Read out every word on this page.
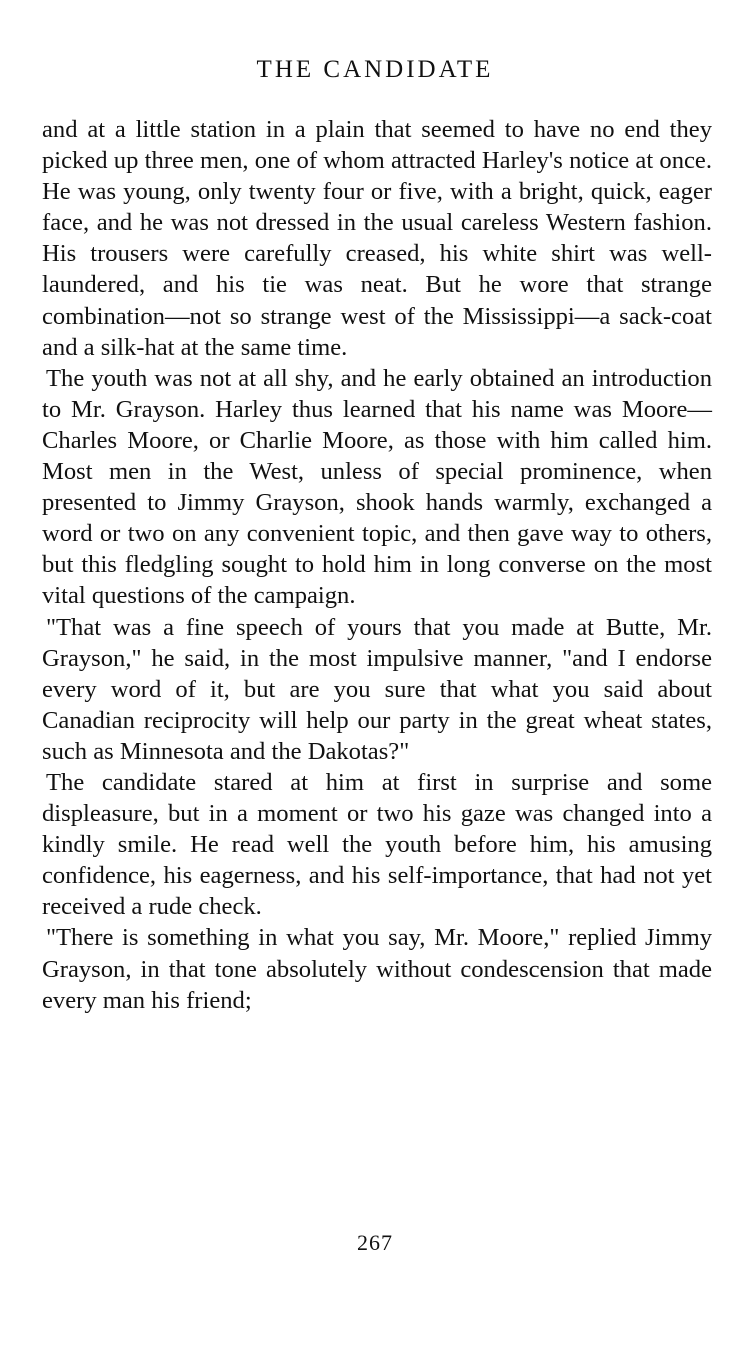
THE CANDIDATE

and at a little station in a plain that seemed to have no end they picked up three men, one of whom attracted Harley's notice at once. He was young, only twenty four or five, with a bright, quick, eager face, and he was not dressed in the usual careless Western fashion. His trousers were carefully creased, his white shirt was well-laundered, and his tie was neat. But he wore that strange combination—not so strange west of the Mississippi—a sack-coat and a silk-hat at the same time.

The youth was not at all shy, and he early obtained an introduction to Mr. Grayson. Harley thus learned that his name was Moore—Charles Moore, or Charlie Moore, as those with him called him. Most men in the West, unless of special prominence, when presented to Jimmy Grayson, shook hands warmly, exchanged a word or two on any convenient topic, and then gave way to others, but this fledgling sought to hold him in long converse on the most vital questions of the campaign.

"That was a fine speech of yours that you made at Butte, Mr. Grayson," he said, in the most impulsive manner, "and I endorse every word of it, but are you sure that what you said about Canadian reciprocity will help our party in the great wheat states, such as Minnesota and the Dakotas?"

The candidate stared at him at first in surprise and some displeasure, but in a moment or two his gaze was changed into a kindly smile. He read well the youth before him, his amusing confidence, his eagerness, and his self-importance, that had not yet received a rude check.

"There is something in what you say, Mr. Moore," replied Jimmy Grayson, in that tone absolutely without condescension that made every man his friend;

267
